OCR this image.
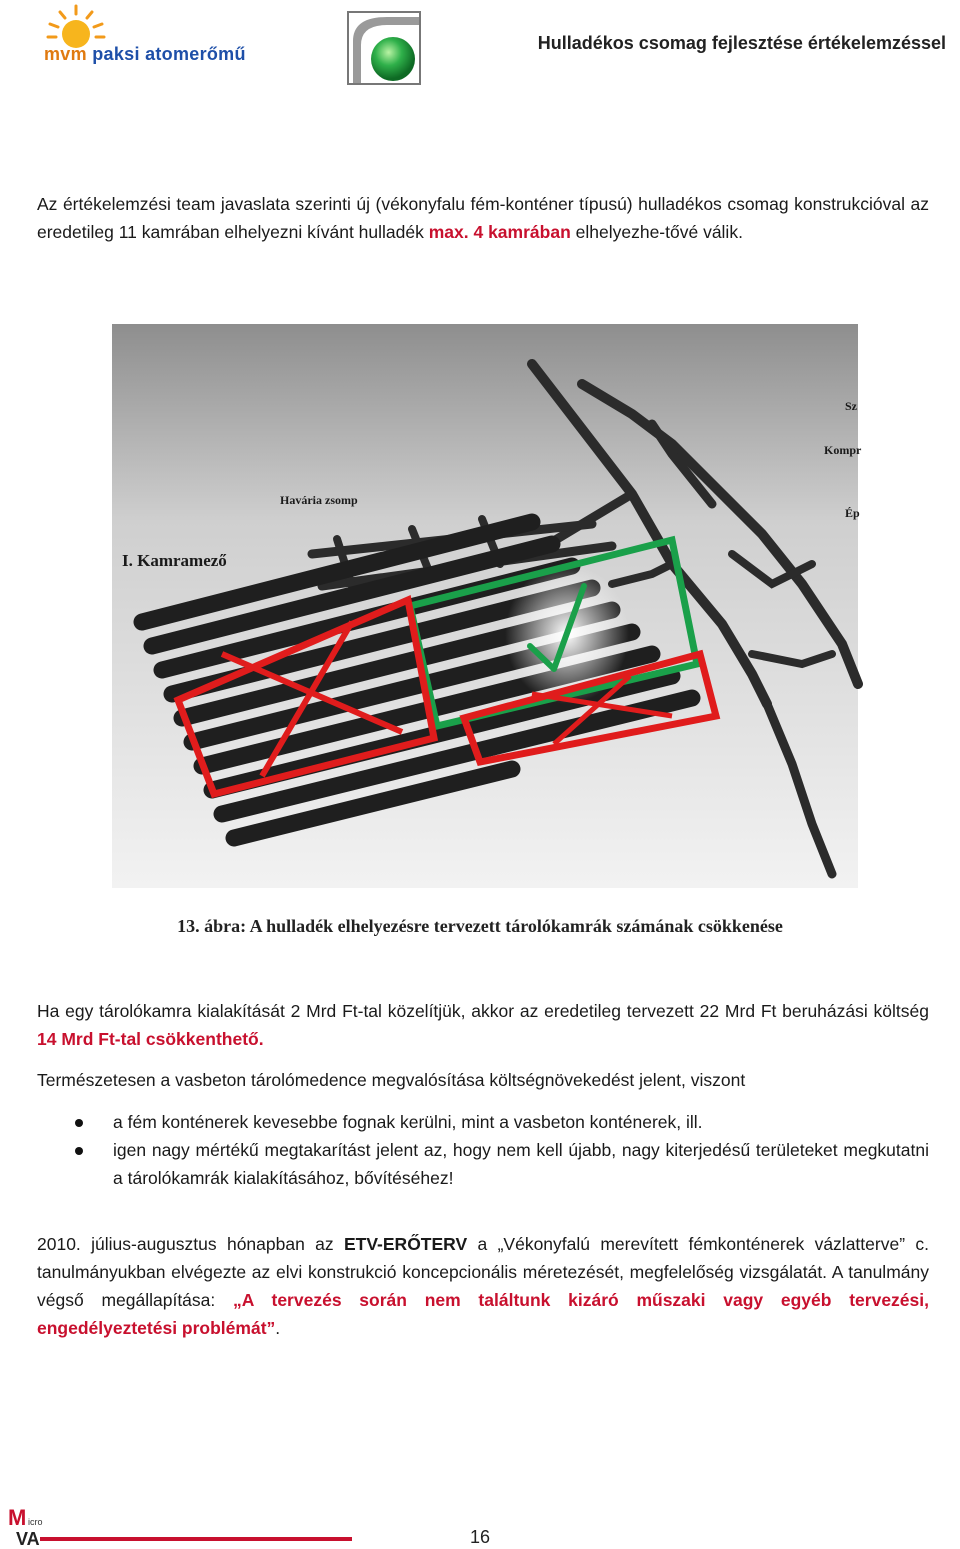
mvm paksi atomerőmű
Hulladékos csomag fejlesztése értékelemzéssel
Az értékelemzési team javaslata szerinti új (vékonyfalu fém-konténer típusú) hulladékos csomag konstrukcióval az eredetileg 11 kamrában elhelyezni kívánt hulladék max. 4 kamrában elhelyezhe-tővé válik.
Havária zsomp
I. Kamramező
Sz
Kompr
Ép
13. ábra: A hulladék elhelyezésre tervezett tárolókamrák számának csökkenése
Ha egy tárolókamra kialakítását 2 Mrd Ft-tal közelítjük, akkor az eredetileg tervezett 22 Mrd Ft beruházási költség 14 Mrd Ft-tal csökkenthető.
Természetesen a vasbeton tárolómedence megvalósítása költségnövekedést jelent, viszont
a fém konténerek kevesebbe fognak kerülni, mint a vasbeton konténerek, ill.
igen nagy mértékű megtakarítást jelent az, hogy nem kell újabb, nagy kiterjedésű területeket megkutatni a tárolókamrák kialakításához, bővítéséhez!
2010. július-augusztus hónapban az ETV-ERŐTERV a „Vékonyfalú merevített fémkonténerek vázlatterve” c. tanulmányukban elvégezte az elvi konstrukció koncepcionális méretezését, megfelelőség vizsgálatát. A tanulmány végső megállapítása: „A tervezés során nem találtunk kizáró műszaki vagy egyéb tervezési, engedélyeztetési problémát”.
M icro
VA	16
